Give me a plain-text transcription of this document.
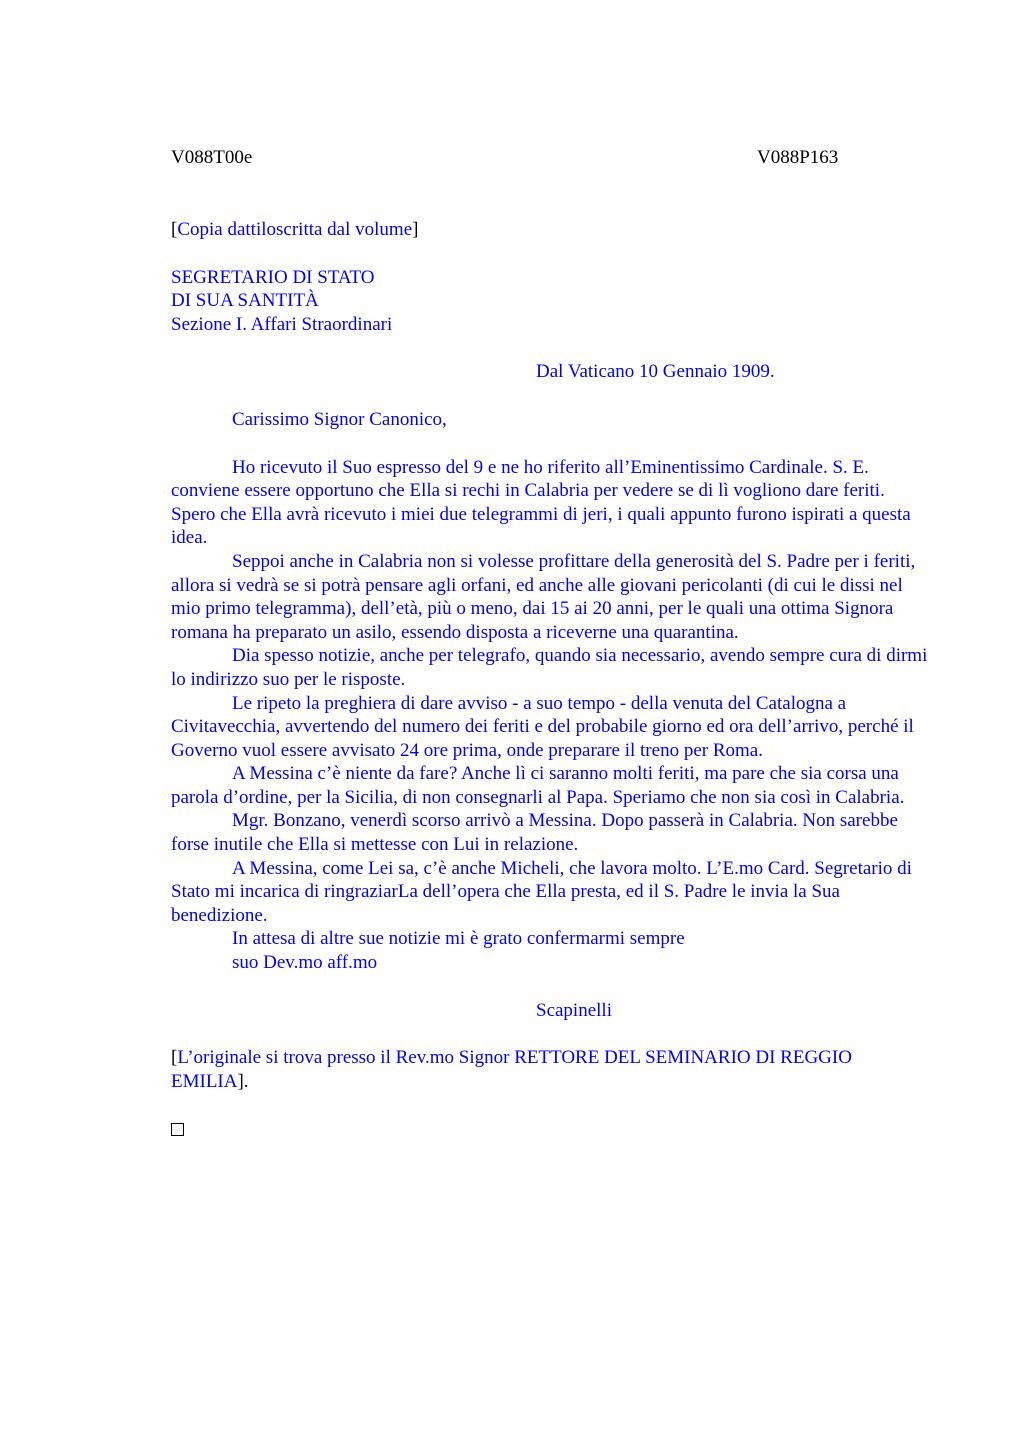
V088T00e	V088P163
[Copia dattiloscritta dal volume]

SEGRETARIO DI STATO

DI SUA SANTITÀ

Sezione I. Affari Straordinari

Dal Vaticano 10 Gennaio 1909.

Carissimo Signor Canonico,

Ho ricevuto il Suo espresso del 9 e ne ho riferito all’Eminentissimo Cardinale. S. E. conviene essere opportuno che Ella si rechi in Calabria per vedere se di lì vogliono dare feriti. Spero che Ella avrà ricevuto i miei due telegrammi di jeri, i quali appunto furono ispirati a questa idea.

Seppoi anche in Calabria non si volesse profittare della generosità del S. Padre per i feriti, allora si vedrà se si potrà pensare agli orfani, ed anche alle giovani pericolanti (di cui le dissi nel mio primo telegramma), dell’età, più o meno, dai 15 ai 20 anni, per le quali una ottima Signora romana ha preparato un asilo, essendo disposta a riceverne una quarantina.

Dia spesso notizie, anche per telegrafo, quando sia necessario, avendo sempre cura di dirmi lo indirizzo suo per le risposte.

Le ripeto la preghiera di dare avviso - a suo tempo - della venuta del Catalogna a Civitavecchia, avvertendo del numero dei feriti e del probabile giorno ed ora dell’arrivo, perché il Governo vuol essere avvisato 24 ore prima, onde preparare il treno per Roma.

A Messina c’è niente da fare? Anche lì ci saranno molti feriti, ma pare che sia corsa una parola d’ordine, per la Sicilia, di non consegnarli al Papa. Speriamo che non sia così in Calabria.

Mgr. Bonzano, venerdì scorso arrivò a Messina. Dopo passerà in Calabria. Non sarebbe forse inutile che Ella si mettesse con Lui in relazione.

A Messina, come Lei sa, c’è anche Micheli, che lavora molto. L’E.mo Card. Segretario di Stato mi incarica di ringraziarLa dell’opera che Ella presta, ed il S. Padre le invia la Sua benedizione.

In attesa di altre sue notizie mi è grato confermarmi sempre

suo Dev.mo aff.mo

Scapinelli
[L’originale si trova presso il Rev.mo Signor RETTORE DEL SEMINARIO DI REGGIO EMILIA].
